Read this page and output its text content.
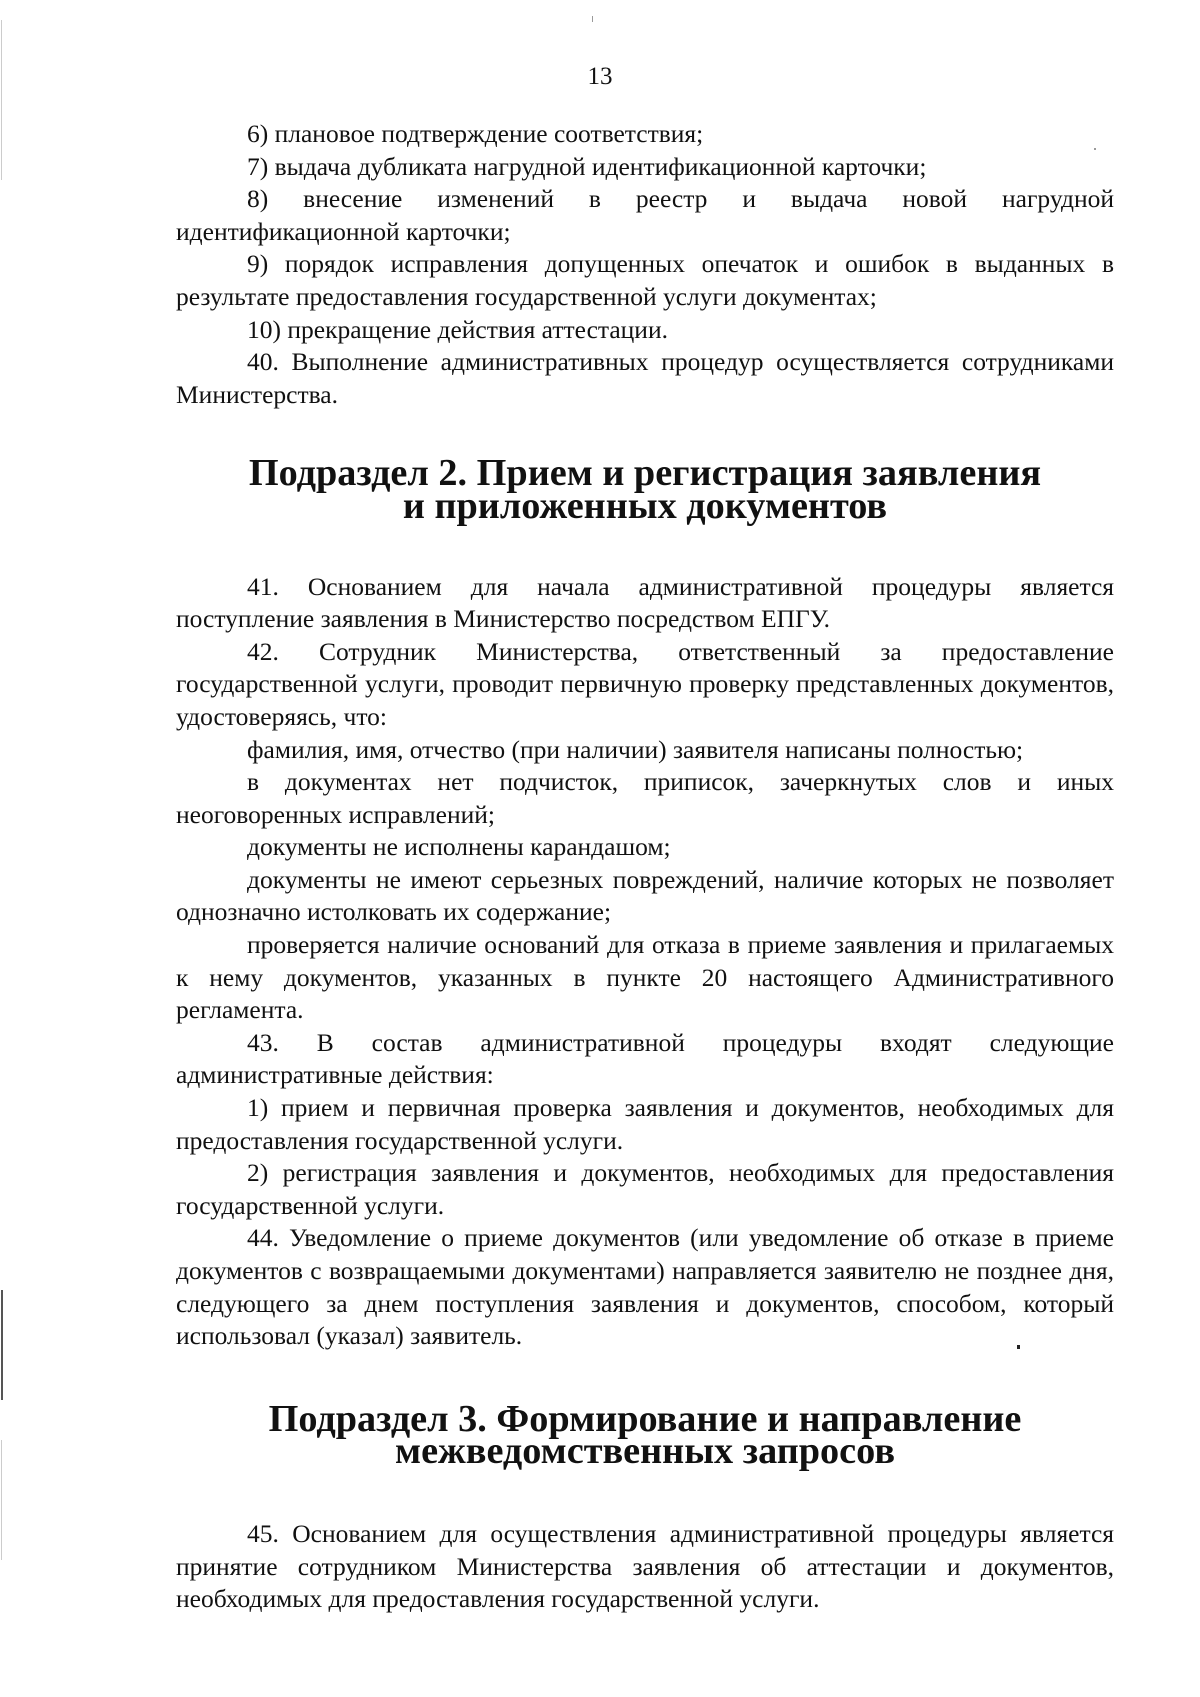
13

6) плановое подтверждение соответствия;

7) выдача дубликата нагрудной идентификационной карточки;

8) внесение изменений в реестр и выдача новой нагрудной идентификационной карточки;

9) порядок исправления допущенных опечаток и ошибок в выданных в результате предоставления государственной услуги документах;

10) прекращение действия аттестации.

40. Выполнение административных процедур осуществляется сотрудниками Министерства.

Подраздел 2. Прием и регистрация заявления и приложенных документов

41. Основанием для начала административной процедуры является поступление заявления в Министерство посредством ЕПГУ.

42. Сотрудник Министерства, ответственный за предоставление государственной услуги, проводит первичную проверку представленных документов, удостоверяясь, что:

фамилия, имя, отчество (при наличии) заявителя написаны полностью;

в документах нет подчисток, приписок, зачеркнутых слов и иных неоговоренных исправлений;

документы не исполнены карандашом;

документы не имеют серьезных повреждений, наличие которых не позволяет однозначно истолковать их содержание;

проверяется наличие оснований для отказа в приеме заявления и прилагаемых к нему документов, указанных в пункте 20 настоящего Административного регламента.

43. В состав административной процедуры входят следующие административные действия:

1) прием и первичная проверка заявления и документов, необходимых для предоставления государственной услуги.

2) регистрация заявления и документов, необходимых для предоставления государственной услуги.

44. Уведомление о приеме документов (или уведомление об отказе в приеме документов с возвращаемыми документами) направляется заявителю не позднее дня, следующего за днем поступления заявления и документов, способом, который использовал (указал) заявитель.

Подраздел 3. Формирование и направление межведомственных запросов

45. Основанием для осуществления административной процедуры является принятие сотрудником Министерства заявления об аттестации и документов, необходимых для предоставления государственной услуги.
